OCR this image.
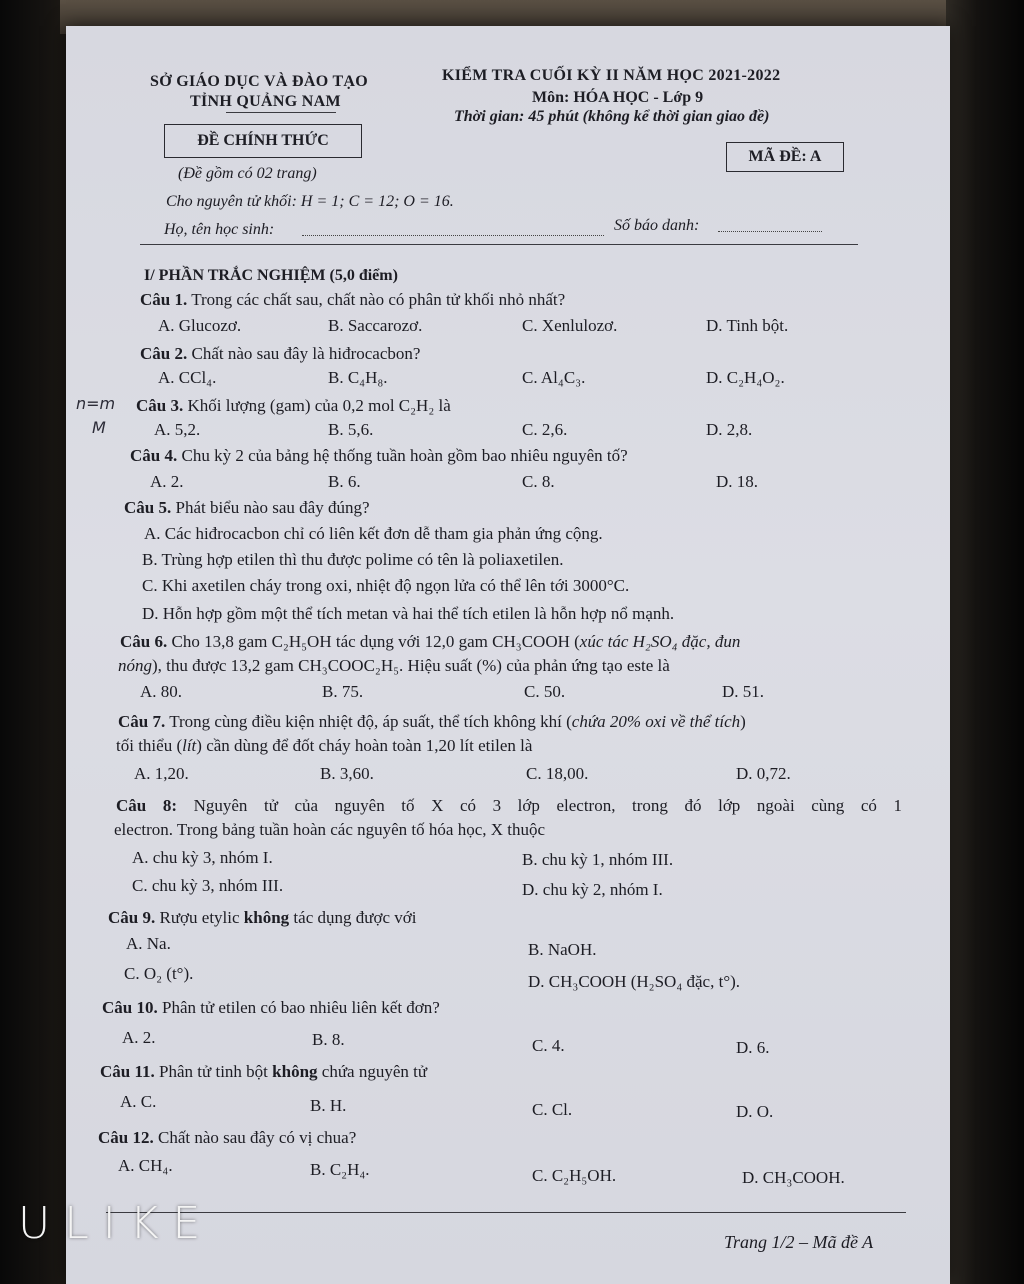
SỞ GIÁO DỤC VÀ ĐÀO TẠO
TỈNH QUẢNG NAM
KIỂM TRA CUỐI KỲ II NĂM HỌC 2021-2022
Môn: HÓA HỌC - Lớp 9
Thời gian: 45 phút (không kể thời gian giao đề)
ĐỀ CHÍNH THỨC
MÃ ĐỀ: A
(Đề gồm có 02 trang)
Cho nguyên tử khối: H = 1; C = 12; O = 16.
Họ, tên học sinh:	Số báo danh:
I/ PHẦN TRẮC NGHIỆM (5,0 điểm)
Câu 1. Trong các chất sau, chất nào có phân tử khối nhỏ nhất?
A. Glucozơ.	B. Saccarozơ.	C. Xenlulozơ.	D. Tinh bột.
Câu 2. Chất nào sau đây là hiđrocacbon?
A. CCl₄.	B. C₄H₈.	C. Al₄C₃.	D. C₂H₄O₂.
n=m
M
Câu 3. Khối lượng (gam) của 0,2 mol C₂H₂ là
A. 5,2.	B. 5,6.	C. 2,6.	D. 2,8.
Câu 4. Chu kỳ 2 của bảng hệ thống tuần hoàn gồm bao nhiêu nguyên tố?
A. 2.	B. 6.	C. 8.	D. 18.
Câu 5. Phát biểu nào sau đây đúng?
A. Các hiđrocacbon chỉ có liên kết đơn dễ tham gia phản ứng cộng.
B. Trùng hợp etilen thì thu được polime có tên là poliaxetilen.
C. Khi axetilen cháy trong oxi, nhiệt độ ngọn lửa có thể lên tới 3000°C.
D. Hỗn hợp gồm một thể tích metan và hai thể tích etilen là hỗn hợp nổ mạnh.
Câu 6. Cho 13,8 gam C₂H₅OH tác dụng với 12,0 gam CH₃COOH (xúc tác H₂SO₄ đặc, đun
nóng), thu được 13,2 gam CH₃COOC₂H₅. Hiệu suất (%) của phản ứng tạo este là
A. 80.	B. 75.	C. 50.	D. 51.
Câu 7. Trong cùng điều kiện nhiệt độ, áp suất, thể tích không khí (chứa 20% oxi về thể tích)
tối thiểu (lít) cần dùng để đốt cháy hoàn toàn 1,20 lít etilen là
A. 1,20.	B. 3,60.	C. 18,00.	D. 0,72.
Câu 8: Nguyên tử của nguyên tố X có 3 lớp electron, trong đó lớp ngoài cùng có 1
electron. Trong bảng tuần hoàn các nguyên tố hóa học, X thuộc
A. chu kỳ 3, nhóm I.	B. chu kỳ 1, nhóm III.
C. chu kỳ 3, nhóm III.	D. chu kỳ 2, nhóm I.
Câu 9. Rượu etylic không tác dụng được với
A. Na.	B. NaOH.
C. O₂ (t°).	D. CH₃COOH (H₂SO₄ đặc, t°).
Câu 10. Phân tử etilen có bao nhiêu liên kết đơn?
A. 2.	B. 8.	C. 4.	D. 6.
Câu 11. Phân tử tinh bột không chứa nguyên tử
A. C.	B. H.	C. Cl.	D. O.
Câu 12. Chất nào sau đây có vị chua?
A. CH₄.	B. C₂H₄.	C. C₂H₅OH.	D. CH₃COOH.
Trang 1/2 – Mã đề A
ULIKE
